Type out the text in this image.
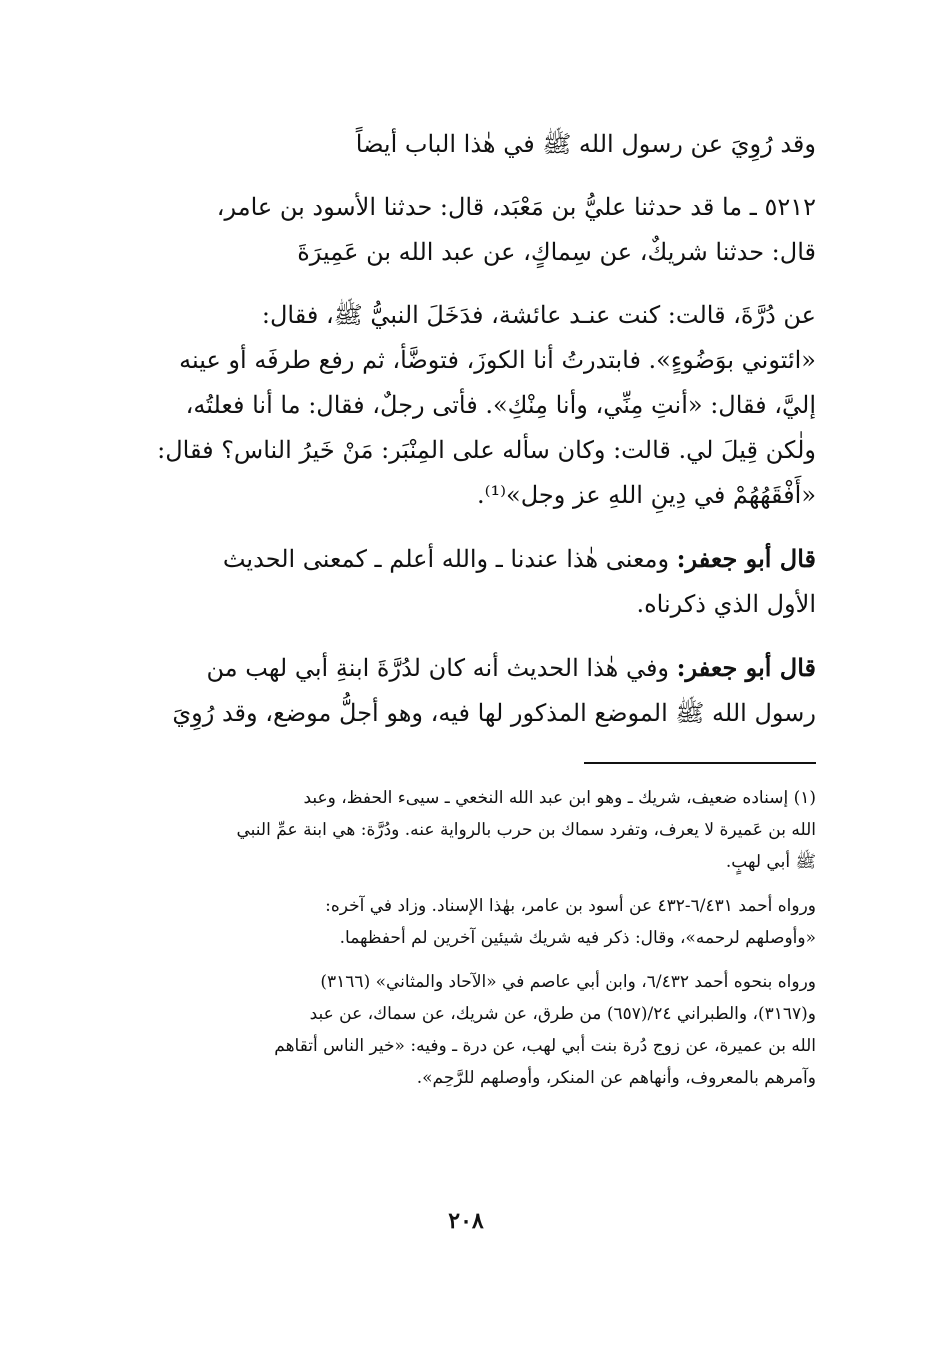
وقد رُوِيَ عن رسول الله ﷺ في هٰذا الباب أيضاً

٥٢١٢ ـ ما قد حدثنا عليُّ بن مَعْبَد، قال: حدثنا الأسود بن عامر،
قال: حدثنا شريكٌ، عن سِماكٍ، عن عبد الله بن عَمِيرَةَ

عن دُرَّةَ، قالت: كنت عنـد عائشة، فدَخَلَ النبيُّ ﷺ، فقال:
«ائتوني بوَضُوءٍ». فابتدرتُ أنا الكوزَ، فتوضَّأ، ثم رفع طرفَه أو عينه
إليَّ، فقال: «أنتِ مِنِّي، وأنا مِنْكِ». فأتى رجلٌ، فقال: ما أنا فعلتُه،
ولٰكن قِيلَ لي. قالت: وكان سأله على المِنْبَر: مَنْ خَيرُ الناس؟ فقال:
«أَفْقَهُهُمْ في دِينِ اللهِ عز وجل»⁽¹⁾.

قال أبو جعفر: ومعنى هٰذا عندنا ـ والله أعلم ـ كمعنى الحديث
الأول الذي ذكرناه.

قال أبو جعفر: وفي هٰذا الحديث أنه كان لدُرَّةَ ابنةِ أبي لهب من
رسول الله ﷺ الموضع المذكور لها فيه، وهو أجلُّ موضع، وقد رُوِيَ

(١) إسناده ضعيف، شريك ـ وهو ابن عبد الله النخعي ـ سيىء الحفظ، وعبد
الله بن عَميرة لا يعرف، وتفرد سماك بن حرب بالرواية عنه. ودُرَّة: هي ابنة عمِّ النبي
ﷺ أبي لهبٍ.

ورواه أحمد ٦/٤٣١-٤٣٢ عن أسود بن عامر، بهٰذا الإسناد. وزاد في آخره:
«وأوصلهم لرحمه»، وقال: ذكر فيه شريك شيئين آخرين لم أحفظهما.

ورواه بنحوه أحمد ٦/٤٣٢، وابن أبي عاصم في «الآحاد والمثاني» (٣١٦٦)
و(٣١٦٧)، والطبراني ٢٤/(٦٥٧) من طرق، عن شريك، عن سماك، عن عبد
الله بن عميرة، عن زوج دُرة بنت أبي لهب، عن درة ـ وفيه: «خير الناس أتقاهم
وآمرهم بالمعروف، وأنهاهم عن المنكر، وأوصلهم للرَّحِم».

٢٠٨
